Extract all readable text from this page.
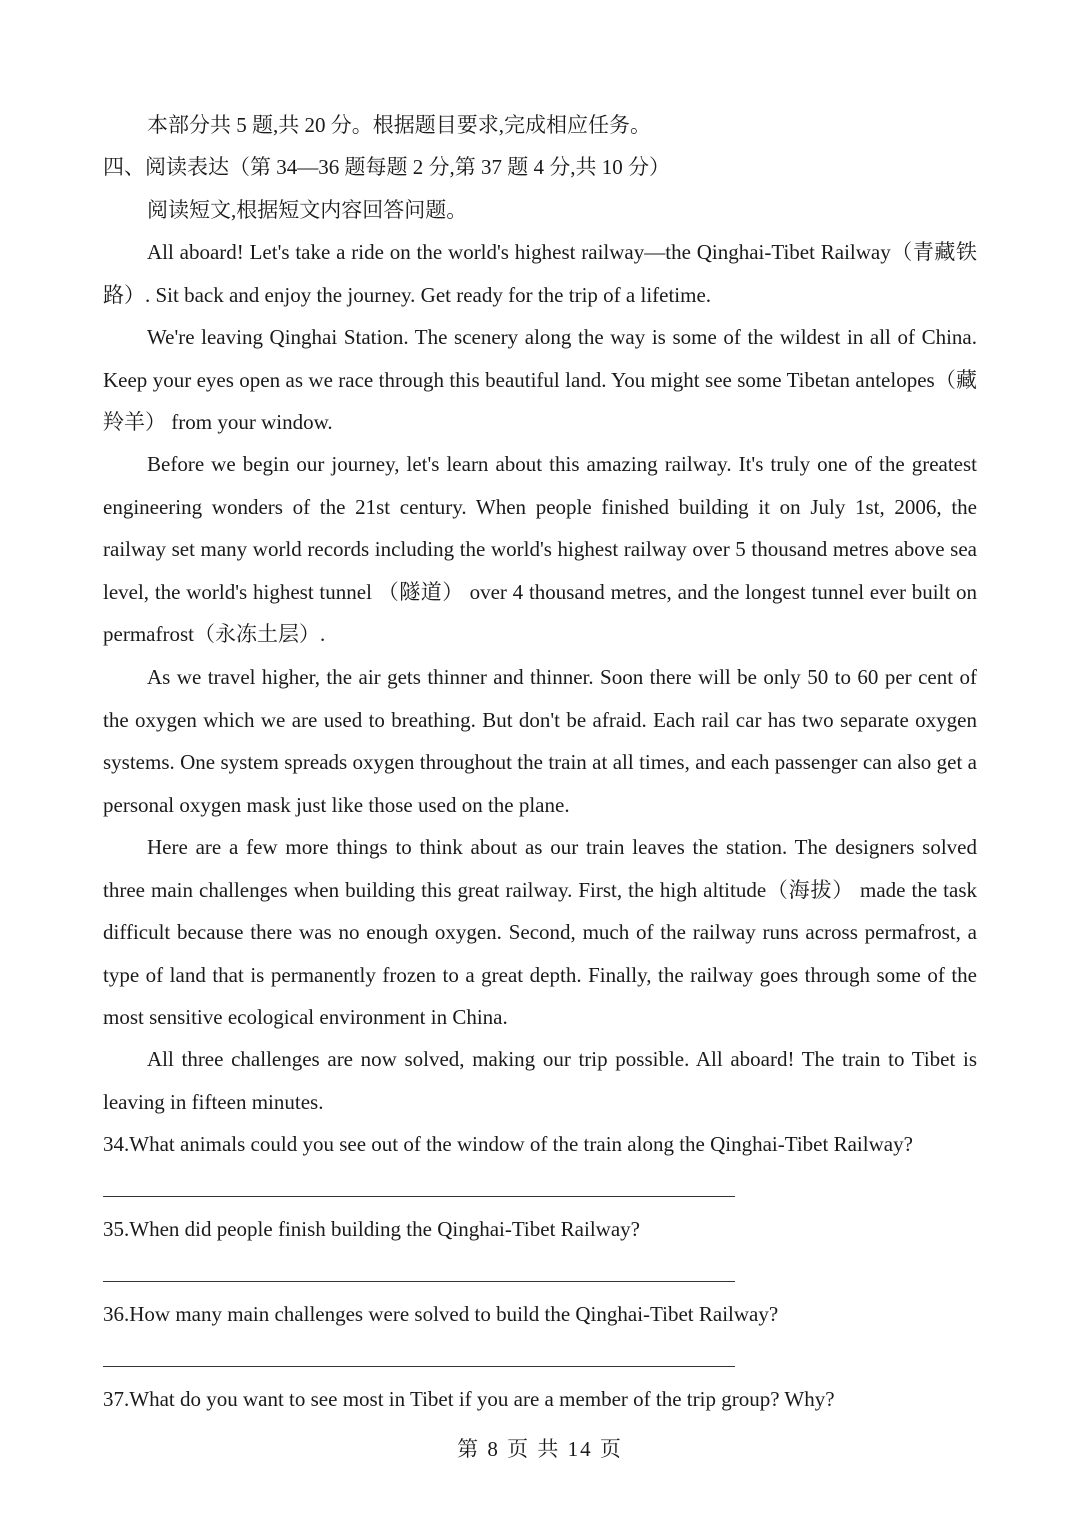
本部分共 5 题,共 20 分。根据题目要求,完成相应任务。
四、阅读表达（第 34—36 题每题 2 分,第 37 题 4 分,共 10 分）
阅读短文,根据短文内容回答问题。

All aboard! Let's take a ride on the world's highest railway—the Qinghai-Tibet Railway（青藏铁路）. Sit back and enjoy the journey. Get ready for the trip of a lifetime.

We're leaving Qinghai Station. The scenery along the way is some of the wildest in all of China. Keep your eyes open as we race through this beautiful land. You might see some Tibetan antelopes（藏羚羊） from your window.

Before we begin our journey, let's learn about this amazing railway. It's truly one of the greatest engineering wonders of the 21st century. When people finished building it on July 1st, 2006, the railway set many world records including the world's highest railway over 5 thousand metres above sea level, the world's highest tunnel （隧道） over 4 thousand metres, and the longest tunnel ever built on permafrost（永冻土层）.

As we travel higher, the air gets thinner and thinner. Soon there will be only 50 to 60 per cent of the oxygen which we are used to breathing. But don't be afraid. Each rail car has two separate oxygen systems. One system spreads oxygen throughout the train at all times, and each passenger can also get a personal oxygen mask just like those used on the plane.

Here are a few more things to think about as our train leaves the station. The designers solved three main challenges when building this great railway. First, the high altitude（海拔） made the task difficult because there was no enough oxygen. Second, much of the railway runs across permafrost, a type of land that is permanently frozen to a great depth. Finally, the railway goes through some of the most sensitive ecological environment in China.

All three challenges are now solved, making our trip possible. All aboard! The train to Tibet is leaving in fifteen minutes.

34.What animals could you see out of the window of the train along the Qinghai-Tibet Railway?
35.When did people finish building the Qinghai-Tibet Railway?
36.How many main challenges were solved to build the Qinghai-Tibet Railway?
37.What do you want to see most in Tibet if you are a member of the trip group? Why?
第 8 页 共 14 页
